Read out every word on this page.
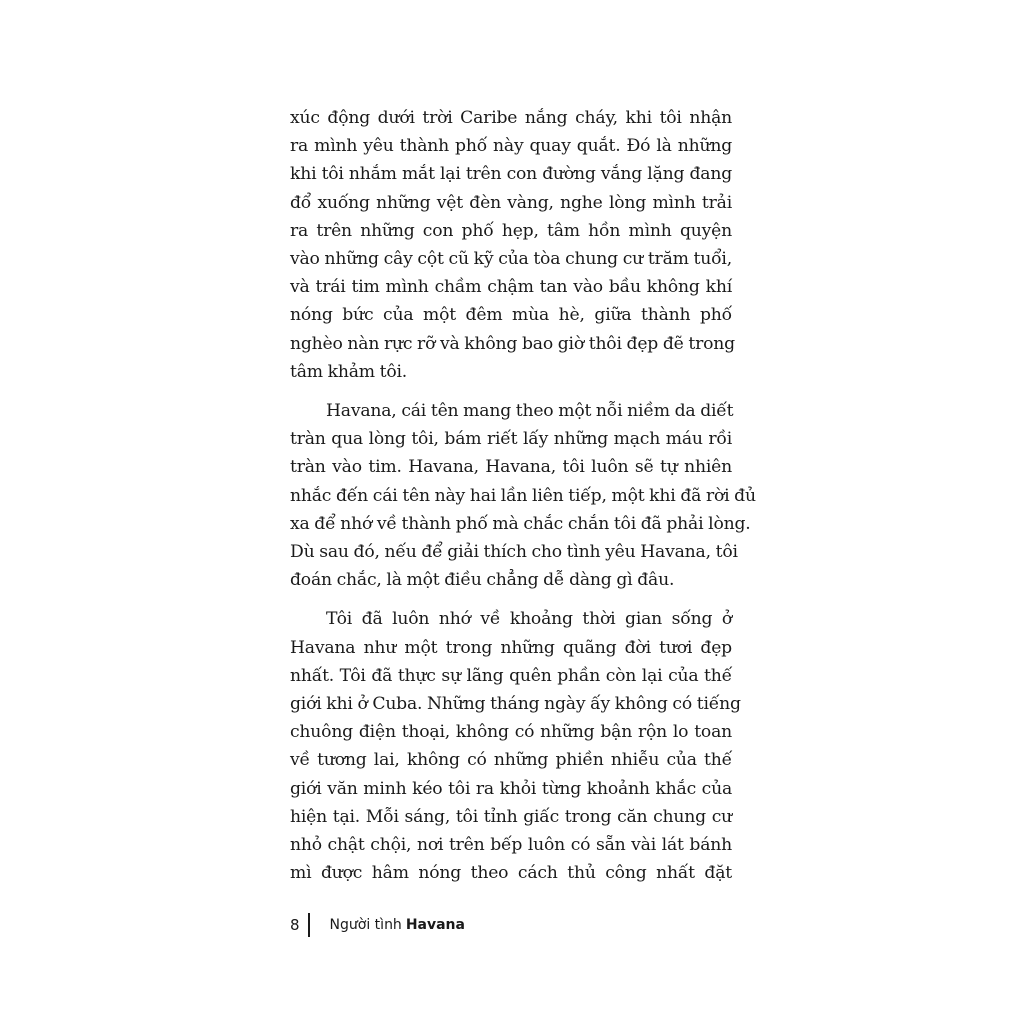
xúc động dưới trời Caribe nắng cháy, khi tôi nhận
ra mình yêu thành phố này quay quắt. Đó là những
khi tôi nhắm mắt lại trên con đường vắng lặng đang
đổ xuống những vệt đèn vàng, nghe lòng mình trải
ra trên những con phố hẹp, tâm hồn mình quyện
vào những cây cột cũ kỹ của tòa chung cư trăm tuổi,
và trái tim mình chầm chậm tan vào bầu không khí
nóng bức của một đêm mùa hè, giữa thành phố
nghèo nàn rực rỡ và không bao giờ thôi đẹp đẽ trong
tâm khảm tôi.

Havana, cái tên mang theo một nỗi niềm da diết
tràn qua lòng tôi, bám riết lấy những mạch máu rồi
tràn vào tim. Havana, Havana, tôi luôn sẽ tự nhiên
nhắc đến cái tên này hai lần liên tiếp, một khi đã rời đủ
xa để nhớ về thành phố mà chắc chắn tôi đã phải lòng.
Dù sau đó, nếu để giải thích cho tình yêu Havana, tôi
đoán chắc, là một điều chẳng dễ dàng gì đâu.

Tôi đã luôn nhớ về khoảng thời gian sống ở
Havana như một trong những quãng đời tươi đẹp
nhất. Tôi đã thực sự lãng quên phần còn lại của thế
giới khi ở Cuba. Những tháng ngày ấy không có tiếng
chuông điện thoại, không có những bận rộn lo toan
về tương lai, không có những phiền nhiễu của thế
giới văn minh kéo tôi ra khỏi từng khoảnh khắc của
hiện tại. Mỗi sáng, tôi tỉnh giấc trong căn chung cư
nhỏ chật chội, nơi trên bếp luôn có sẵn vài lát bánh
mì được hâm nóng theo cách thủ công nhất đặt

8 Người tình Havana
